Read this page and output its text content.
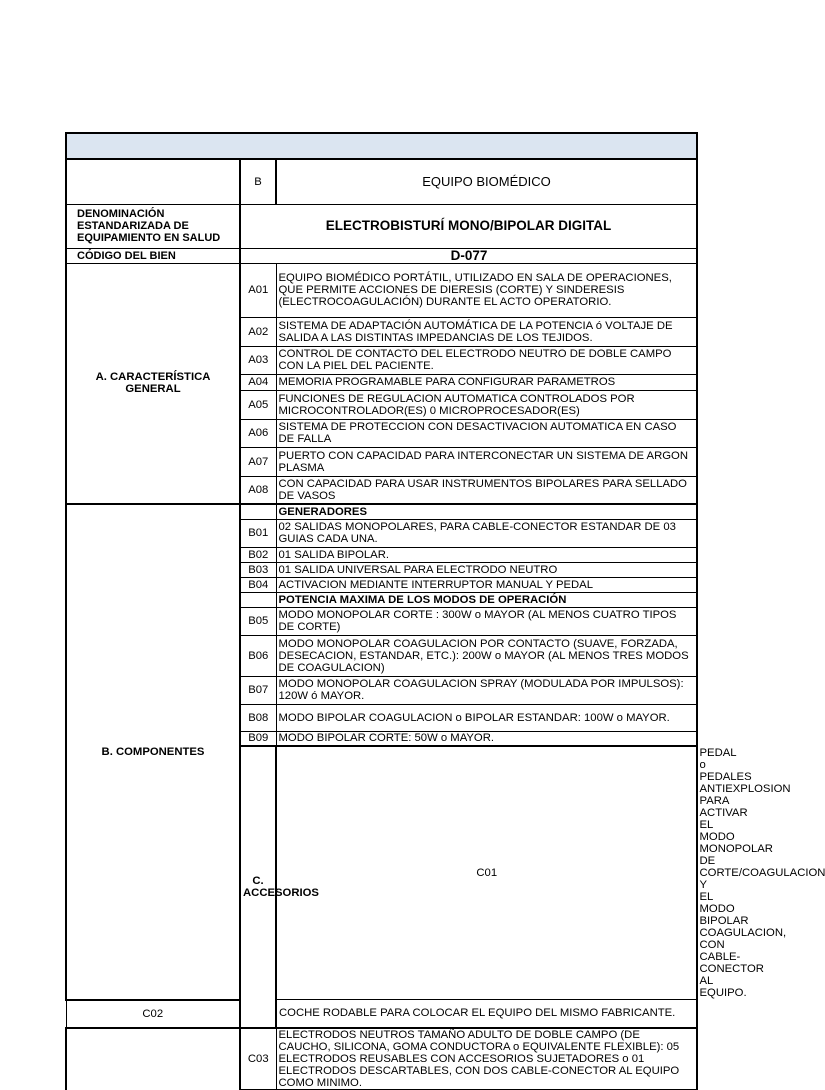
	B	EQUIPO BIOMÉDICO	
DENOMINACIÓN ESTANDARIZADA DE EQUIPAMIENTO EN SALUD	ELECTROBISTURÍ MONO/BIPOLAR DIGITAL		
CÓDIGO DEL BIEN		D-077	
A. CARACTERÍSTICA GENERAL	A01	EQUIPO BIOMÉDICO PORTÁTIL, UTILIZADO EN SALA DE OPERACIONES, QUE PERMITE ACCIONES DE DIERESIS (CORTE) Y SINDERESIS (ELECTROCOAGULACIÓN) DURANTE EL ACTO OPERATORIO.	
	A02	SISTEMA DE ADAPTACIÓN AUTOMÁTICA DE LA POTENCIA ó VOLTAJE DE SALIDA A LAS DISTINTAS IMPEDANCIAS DE LOS TEJIDOS.	
	A03	CONTROL DE CONTACTO DEL ELECTRODO NEUTRO DE DOBLE CAMPO CON LA PIEL DEL PACIENTE.	
	A04	MEMORIA PROGRAMABLE PARA CONFIGURAR PARAMETROS	
	A05	FUNCIONES DE REGULACION AUTOMATICA CONTROLADOS POR MICROCONTROLADOR(ES) 0 MICROPROCESADOR(ES)	
	A06	SISTEMA DE PROTECCION CON DESACTIVACION AUTOMATICA EN CASO DE FALLA	
	A07	PUERTO CON CAPACIDAD PARA INTERCONECTAR UN SISTEMA DE ARGON PLASMA	
	A08	CON CAPACIDAD PARA USAR INSTRUMENTOS BIPOLARES PARA SELLADO DE VASOS	
B. COMPONENTES		GENERADORES	
	B01	02 SALIDAS MONOPOLARES, PARA CABLE-CONECTOR ESTANDAR DE 03 GUIAS CADA UNA.	
	B02	01 SALIDA BIPOLAR.	
	B03	01 SALIDA UNIVERSAL PARA ELECTRODO NEUTRO	
	B04	ACTIVACION MEDIANTE INTERRUPTOR MANUAL Y PEDAL	
		POTENCIA MAXIMA DE LOS MODOS DE OPERACIÓN	
	B05	MODO MONOPOLAR CORTE : 300W o MAYOR (AL MENOS CUATRO TIPOS DE CORTE)	
	B06	MODO MONOPOLAR COAGULACION POR CONTACTO (SUAVE, FORZADA, DESECACION, ESTANDAR, ETC.): 200W o MAYOR (AL MENOS TRES MODOS DE COAGULACION)	
	B07	MODO MONOPOLAR COAGULACION SPRAY (MODULADA POR IMPULSOS): 120W ó MAYOR.	
	B08	MODO BIPOLAR COAGULACION o BIPOLAR ESTANDAR: 100W o MAYOR.	
	B09	MODO BIPOLAR CORTE: 50W o MAYOR.	
	C. ACCESORIOS	C01	PEDAL o PEDALES ANTIEXPLOSION PARA ACTIVAR EL MODO MONOPOLAR DE CORTE/COAGULACION Y EL MODO BIPOLAR COAGULACION, CON CABLE-CONECTOR AL EQUIPO.
C02		COCHE RODABLE PARA COLOCAR EL EQUIPO DEL MISMO FABRICANTE.	
	C03	ELECTRODOS NEUTROS TAMAÑO ADULTO DE DOBLE CAMPO (DE CAUCHO, SILICONA, GOMA CONDUCTORA o EQUIVALENTE FLEXIBLE): 05 ELECTRODOS REUSABLES CON ACCESORIOS SUJETADORES o 01 ELECTRODOS DESCARTABLES, CON DOS CABLE-CONECTOR AL EQUIPO COMO MINIMO.	
